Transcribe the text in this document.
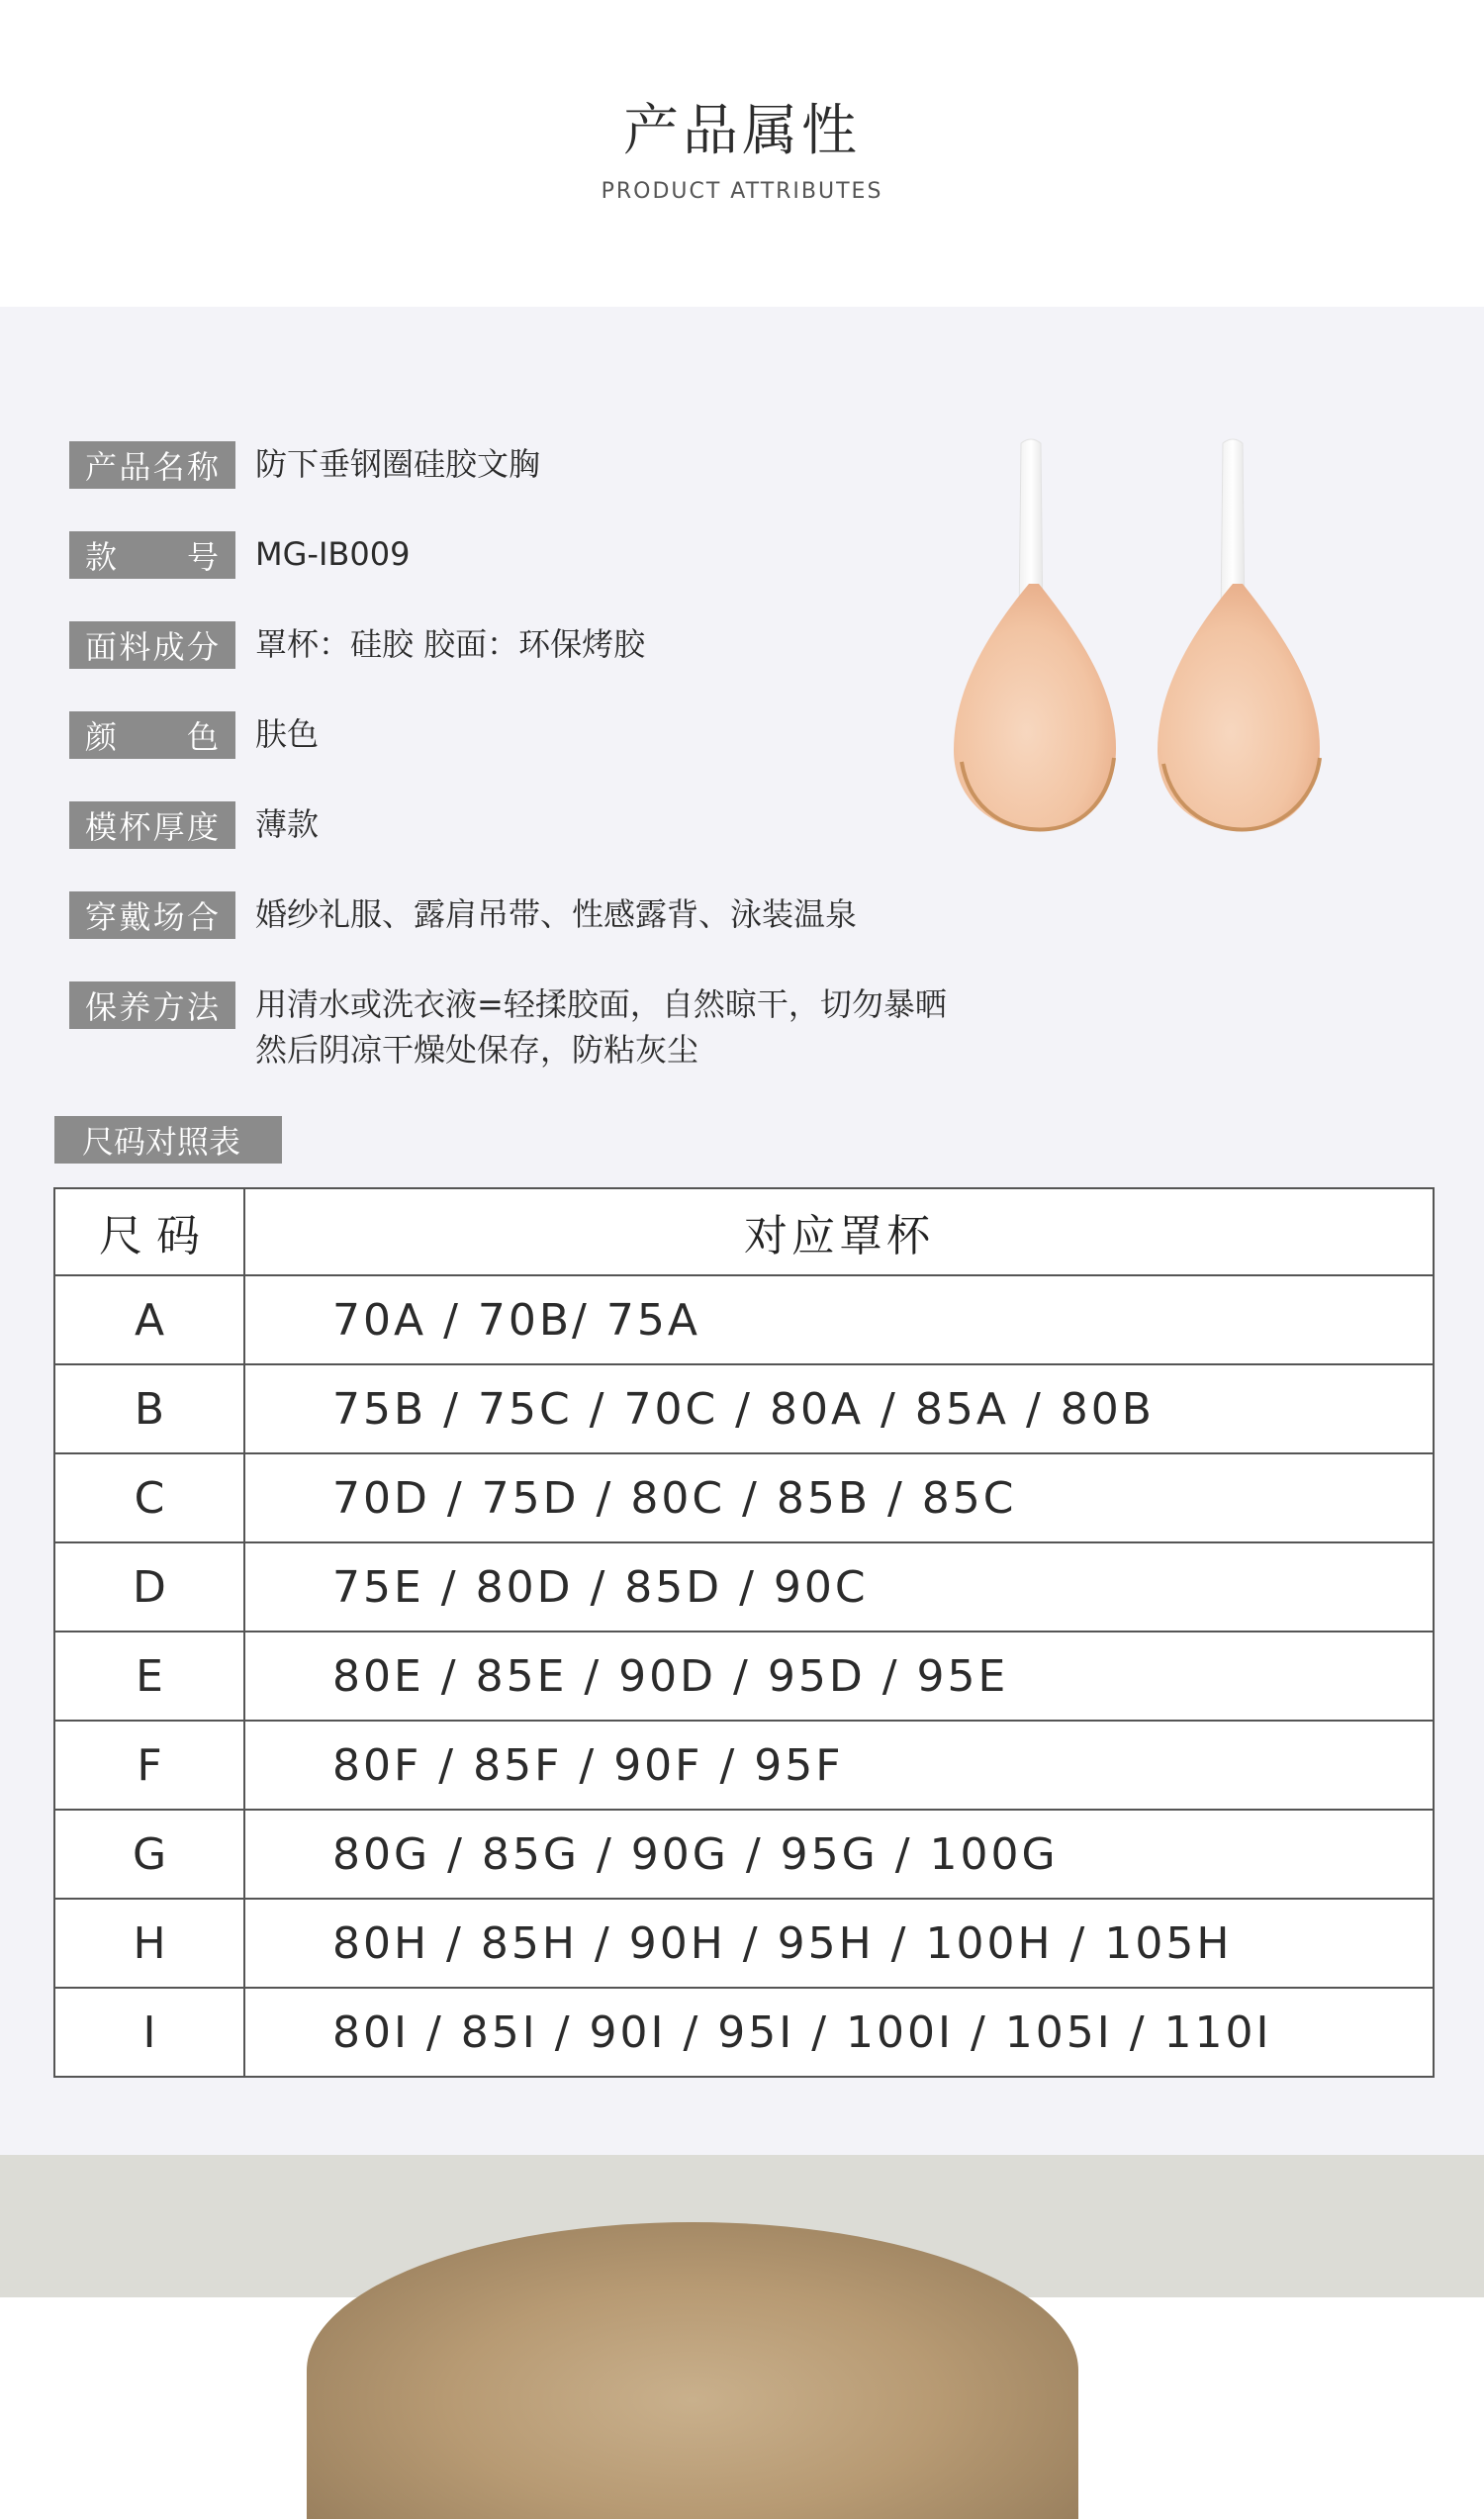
产品属性
PRODUCT ATTRIBUTES
产品名称 防下垂钢圈硅胶文胸
款 号 MG-IB009
面料成分 罩杯：硅胶 胶面：环保烤胶
颜 色 肤色
模杯厚度 薄款
穿戴场合 婚纱礼服、露肩吊带、性感露背、泳装温泉
保养方法 用清水或洗衣液=轻揉胶面，自然晾干，切勿暴晒
然后阴凉干燥处保存，防粘灰尘
尺码对照表
尺 码	对应罩杯
A	70A / 70B/ 75A
B	75B / 75C / 70C / 80A / 85A / 80B
C	70D / 75D / 80C / 85B / 85C
D	75E / 80D / 85D / 90C
E	80E / 85E / 90D / 95D / 95E
F	80F / 85F / 90F / 95F
G	80G / 85G / 90G / 95G / 100G
H	80H / 85H / 90H / 95H / 100H / 105H
I	80I / 85I / 90I / 95I / 100I / 105I / 110I
